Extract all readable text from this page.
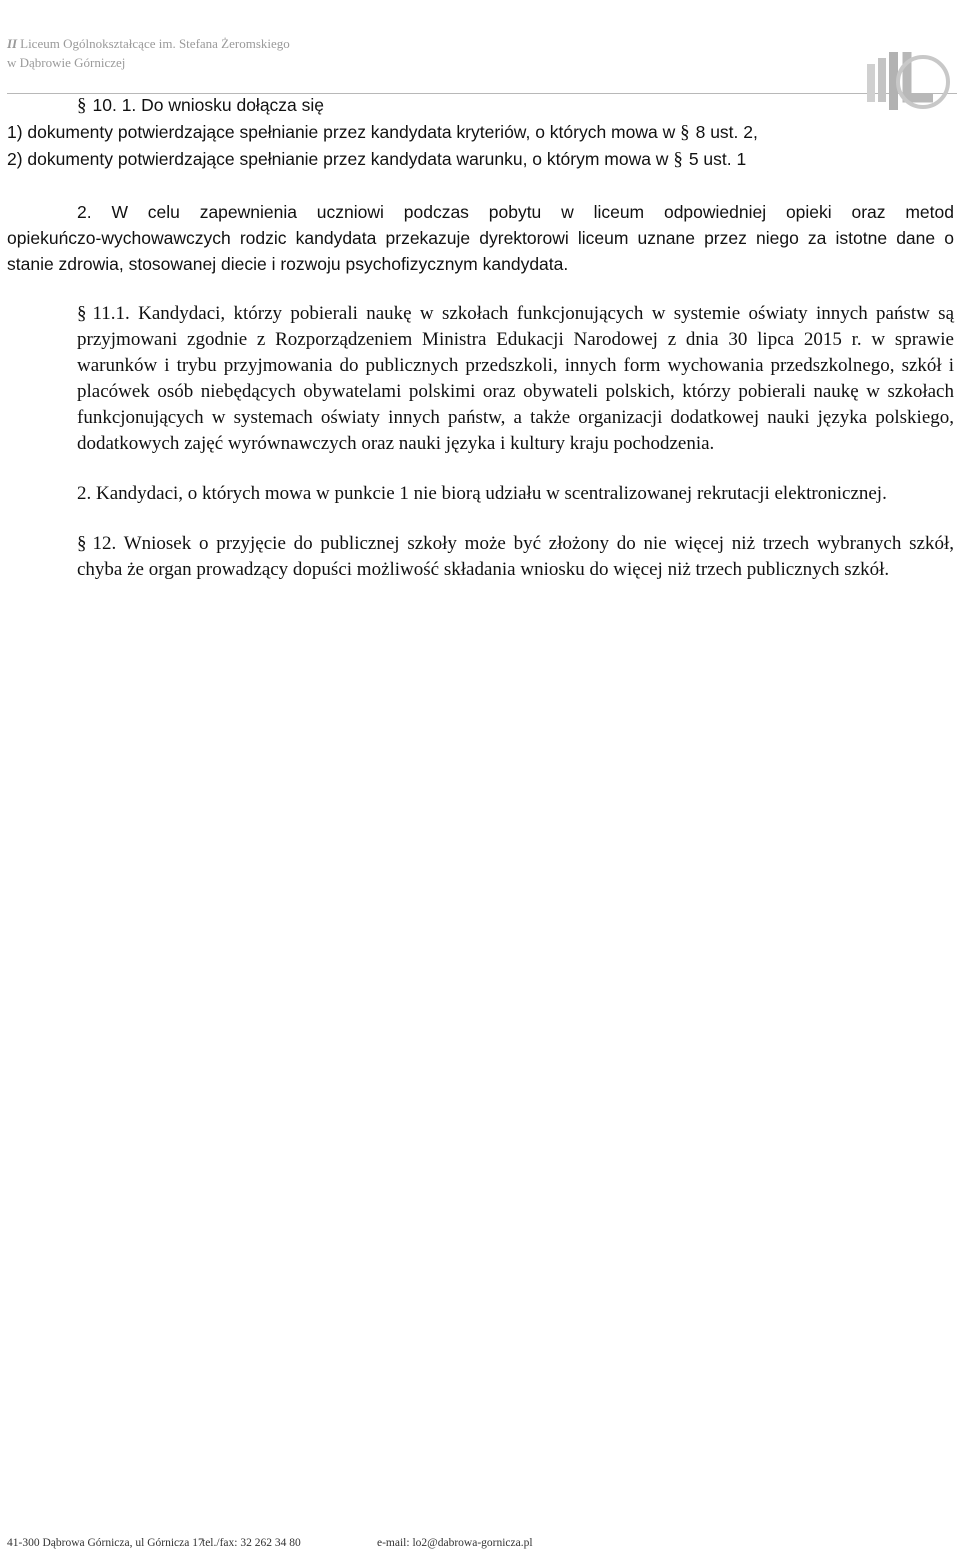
II Liceum Ogólnokształcące im. Stefana Żeromskiego
w Dąbrowie Górniczej

§ 10. 1. Do wniosku dołącza się

1) dokumenty potwierdzające spełnianie przez kandydata kryteriów, o których mowa w § 8 ust. 2,

2) dokumenty potwierdzające spełnianie przez kandydata warunku, o którym mowa w § 5 ust. 1

2. W celu zapewnienia uczniowi podczas pobytu w liceum odpowiedniej opieki oraz metod

opiekuńczo-wychowawczych rodzic kandydata przekazuje dyrektorowi liceum uznane przez niego za istotne dane o stanie zdrowia, stosowanej diecie i rozwoju psychofizycznym kandydata.

§ 11.1. Kandydaci, którzy pobierali naukę w szkołach funkcjonujących w systemie oświaty innych państw są przyjmowani zgodnie z Rozporządzeniem Ministra Edukacji Narodowej z dnia 30 lipca 2015 r. w sprawie warunków i trybu przyjmowania do publicznych przedszkoli, innych form wychowania przedszkolnego, szkół i placówek osób niebędących obywatelami polskimi oraz obywateli polskich, którzy pobierali naukę w szkołach funkcjonujących w systemach oświaty innych państw, a także organizacji dodatkowej nauki języka polskiego, dodatkowych zajęć wyrównawczych oraz nauki języka i kultury kraju pochodzenia.

2. Kandydaci, o których mowa w punkcie 1 nie biorą udziału w scentralizowanej rekrutacji elektronicznej.

§ 12. Wniosek o przyjęcie do publicznej szkoły może być złożony do nie więcej niż trzech wybranych szkół, chyba że organ prowadzący dopuści możliwość składania wniosku do więcej niż trzech publicznych szkół.

41-300 Dąbrowa Górnicza, ul Górnicza 17tel./fax: 32 262 34 80	e-mail: lo2@dabrowa-gornicza.pl
